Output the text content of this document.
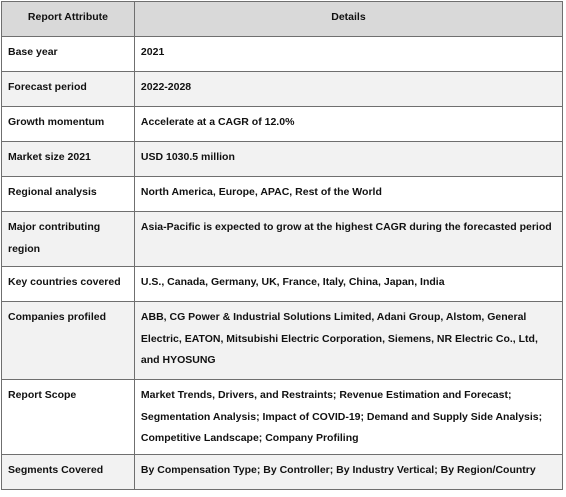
Report Attribute	Details
Base year	2021
Forecast period	2022-2028
Growth momentum	Accelerate at a CAGR of 12.0%
Market size 2021	USD 1030.5 million
Regional analysis	North America, Europe, APAC, Rest of the World
Major contributing region	Asia-Pacific is expected to grow at the highest CAGR during the forecasted period
Key countries covered	U.S., Canada, Germany, UK, France, Italy, China, Japan, India
Companies profiled	ABB, CG Power & Industrial Solutions Limited, Adani Group, Alstom, General Electric, EATON, Mitsubishi Electric Corporation, Siemens, NR Electric Co., Ltd, and HYOSUNG
Report Scope	Market Trends, Drivers, and Restraints; Revenue Estimation and Forecast; Segmentation Analysis; Impact of COVID-19; Demand and Supply Side Analysis; Competitive Landscape; Company Profiling
Segments Covered	By Compensation Type; By Controller; By Industry Vertical; By Region/Country
